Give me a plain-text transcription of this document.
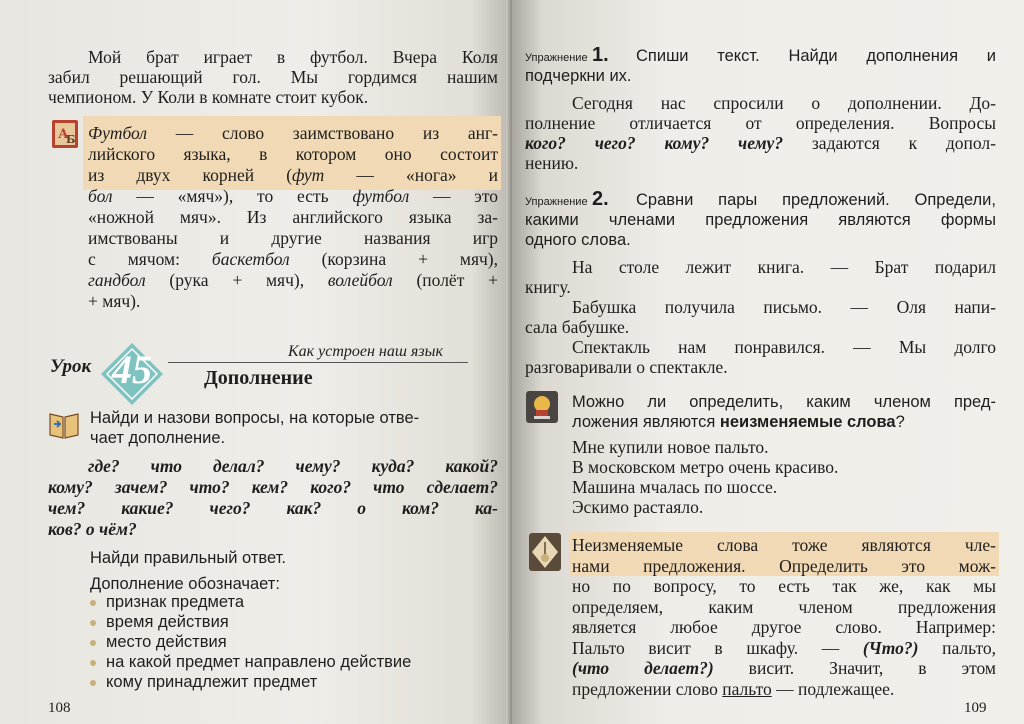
Мой брат играет в футбол. Вчера Коля
забил решающий гол. Мы гордимся нашим
чемпионом. У Коли в комнате стоит кубок.
А
Б Футбол — слово заимствовано из анг-
лийского языка, в котором оно состоит
из двух корней (фут — «нога» и
бол — «мяч»), то есть футбол — это
«ножной мяч». Из английского языка за-
имствованы и другие названия игр
с мячом: баскетбол (корзина + мяч),
гандбол (рука + мяч), волейбол (полёт +
+ мяч).
45
Урок
Как устроен наш язык
Дополнение
Найди и назови вопросы, на которые отве-
чает дополнение.
где? что делал? чему? куда? какой?
кому? зачем? что? кем? кого? что сделает?
чем? какие? чего? как? о ком? ка-
ков? о чём?
Найди правильный ответ.
Дополнение обозначает:
признак предмета
время действия
место действия
на какой предмет направлено действие
кому принадлежит предмет
108
Упражнение 1. Спиши текст. Найди дополнения и
подчеркни их.
Сегодня нас спросили о дополнении. До-
полнение отличается от определения. Вопросы
кого? чего? кому? чему? задаются к допол-
нению.
Упражнение 2. Сравни пары предложений. Определи,
какими членами предложения являются формы
одного слова.
На столе лежит книга. — Брат подарил
книгу.
Бабушка получила письмо. — Оля напи-
сала бабушке.
Спектакль нам понравился. — Мы долго
разговаривали о спектакле.
Можно ли определить, каким членом пред-
ложения являются неизменяемые слова?
Мне купили новое пальто.
В московском метро очень красиво.
Машина мчалась по шоссе.
Эскимо растаяло.
Неизменяемые слова тоже являются чле-
нами предложения. Определить это мож-
но по вопросу, то есть так же, как мы
определяем, каким членом предложения
является любое другое слово. Например:
Пальто висит в шкафу. — (Что?) пальто,
(что делает?) висит. Значит, в этом
предложении слово пальто — подлежащее.
109
